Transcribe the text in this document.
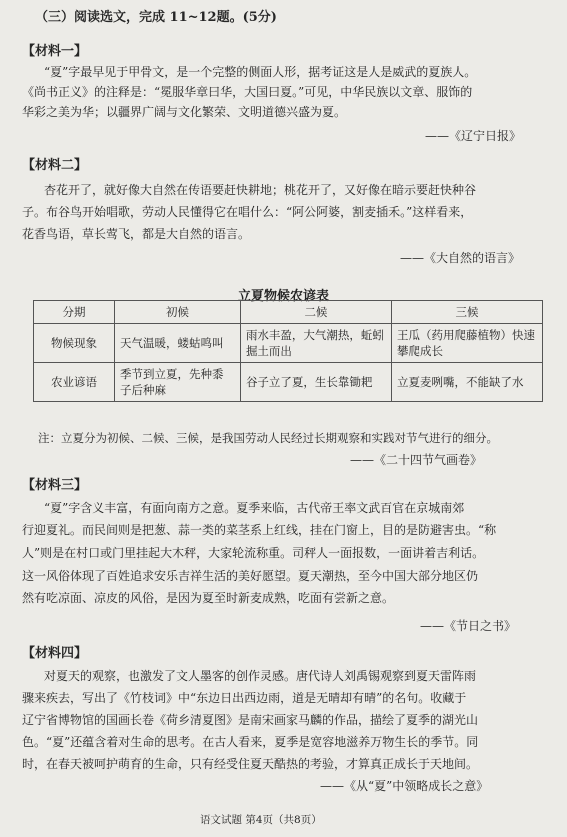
（三）阅读选文，完成 11~12题。(5分)
【材料一】
“夏”字最早见于甲骨文，是一个完整的侧面人形，据考证这是人是威武的夏族人。
《尚书正义》的注释是：“冕服华章曰华，大国曰夏。”可见，中华民族以文章、服饰的
华彩之美为华；以疆界广阔与文化繁荣、文明道德兴盛为夏。
——《辽宁日报》
【材料二】
杏花开了，就好像大自然在传语要赶快耕地；桃花开了，又好像在暗示要赶快种谷
子。布谷鸟开始唱歌，劳动人民懂得它在唱什么：“阿公阿婆，割麦插禾。”这样看来，
花香鸟语，草长莺飞，都是大自然的语言。
——《大自然的语言》
立夏物候农谚表
分期	初候	二候	三候
物候现象	天气温暖，蝼蛄鸣叫	雨水丰盈，大气潮热，蚯蚓掘土而出	王瓜（药用爬藤植物）快速攀爬成长
农业谚语	季节到立夏，先种黍子后种麻	谷子立了夏，生长靠锄耙	立夏麦咧嘴，不能缺了水
注：立夏分为初候、二候、三候，是我国劳动人民经过长期观察和实践对节气进行的细分。
——《二十四节气画卷》
【材料三】
“夏”字含义丰富，有面向南方之意。夏季来临，古代帝王率文武百官在京城南郊
行迎夏礼。而民间则是把葱、蒜一类的菜茎系上红线，挂在门窗上，目的是防避害虫。“称
人”则是在村口或门里挂起大木秤，大家轮流称重。司秤人一面报数，一面讲着吉利话。
这一风俗体现了百姓追求安乐吉祥生活的美好愿望。夏天潮热，至今中国大部分地区仍
然有吃凉面、凉皮的风俗，是因为夏至时新麦成熟，吃面有尝新之意。
——《节日之书》
【材料四】
对夏天的观察，也激发了文人墨客的创作灵感。唐代诗人刘禹锡观察到夏天雷阵雨
骤来疾去，写出了《竹枝词》中“东边日出西边雨，道是无晴却有晴”的名句。收藏于
辽宁省博物馆的国画长卷《荷乡清夏图》是南宋画家马麟的作品，描绘了夏季的湖光山
色。“夏”还蕴含着对生命的思考。在古人看来，夏季是宽容地滋养万物生长的季节。同
时，在春天被呵护萌育的生命，只有经受住夏天酷热的考验，才算真正成长于天地间。
——《从“夏”中领略成长之意》
语文试题 第4页（共8页）
